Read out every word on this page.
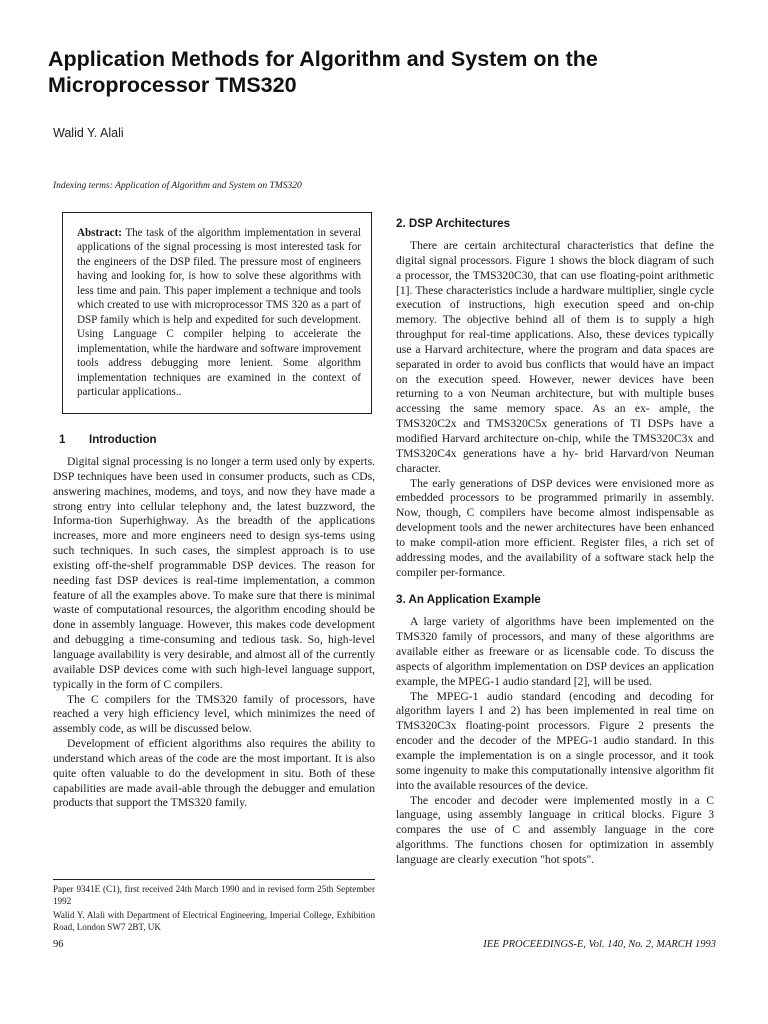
Application Methods for Algorithm and System on the Microprocessor TMS320
Walid Y. Alali
Indexing terms: Application of Algorithm and System on TMS320
Abstract: The task of the algorithm implementation in several applications of the signal processing is most interested task for the engineers of the DSP filed. The pressure most of engineers having and looking for, is how to solve these algorithms with less time and pain. This paper implement a technique and tools which created to use with microprocessor TMS 320 as a part of DSP family which is help and expedited for such development. Using Language C compiler helping to accelerate the implementation, while the hardware and software improvement tools address debugging more lenient. Some algorithm implementation techniques are examined in the context of particular applications..
1 Introduction

Digital signal processing is no longer a term used only by experts. DSP techniques have been used in consumer products, such as CDs, answering machines, modems, and toys, and now they have made a strong entry into cellular telephony and, the latest buzzword, the Informa-tion Superhighway. As the breadth of the applications increases, more and more engineers need to design sys-tems using such techniques. In such cases, the simplest approach is to use existing off-the-shelf programmable DSP devices. The reason for needing fast DSP devices is real-time implementation, a common feature of all the examples above. To make sure that there is minimal waste of computational resources, the algorithm encoding should be done in assembly language. However, this makes code development and debugging a time-consuming and tedious task. So, high-level language availability is very desirable, and almost all of the currently available DSP devices come with such high-level language support, typically in the form of C compilers.

The C compilers for the TMS320 family of processors, have reached a very high efficiency level, which minimizes the need of assembly code, as will be discussed below.

Development of efficient algorithms also requires the ability to understand which areas of the code are the most important. It is also quite often valuable to do the development in situ. Both of these capabilities are made avail-able through the debugger and emulation products that support the TMS320 family.

Paper 9341E (C1), first received 24th March 1990 and in revised form 25th September 1992

Walid Y. Alali with Department of Electrical Engineering, Imperial College, Exhibition Road, London SW7 2BT, UK

2. DSP Architectures

There are certain architectural characteristics that define the digital signal processors. Figure 1 shows the block diagram of such a processor, the TMS320C30, that can use floating-point arithmetic [1]. These characteristics include a hardware multiplier, single cycle execution of instructions, high execution speed and on-chip memory. The objective behind all of them is to supply a high throughput for real-time applications. Also, these devices typically use a Harvard architecture, where the program and data spaces are separated in order to avoid bus conflicts that would have an impact on the execution speed. However, newer devices have been returning to a von Neuman architecture, but with multiple buses accessing the same memory space. As an ex- ample, the TMS320C2x and TMS320C5x generations of TI DSPs have a modified Harvard architecture on-chip, while the TMS320C3x and TMS320C4x generations have a hy- brid Harvard/von Neuman character.

The early generations of DSP devices were envisioned more as embedded processors to be programmed primarily in assembly. Now, though, C compilers have become almost indispensable as development tools and the newer architectures have been enhanced to make compil-ation more efficient. Register files, a rich set of addressing modes, and the availability of a software stack help the compiler per-formance.

3. An Application Example

A large variety of algorithms have been implemented on the TMS320 family of processors, and many of these algorithms are available either as freeware or as licensable code. To discuss the aspects of algorithm implementation on DSP devices an application example, the MPEG-1 audio standard [2], will be used.

The MPEG-1 audio standard (encoding and decoding for algorithm layers I and 2) has been implemented in real time on TMS320C3x floating-point processors. Figure 2 presents the encoder and the decoder of the MPEG-1 audio standard. In this example the implementation is on a single processor, and it took some ingenuity to make this computationally intensive algorithm fit into the available resources of the device.

The encoder and decoder were implemented mostly in a C language, using assembly language in critical blocks. Figure 3 compares the use of C and assembly language in the core algorithms. The functions chosen for optimization in assembly language are clearly execution "hot spots".

96	IEE PROCEEDINGS-E, Vol. 140, No. 2, MARCH 1993
